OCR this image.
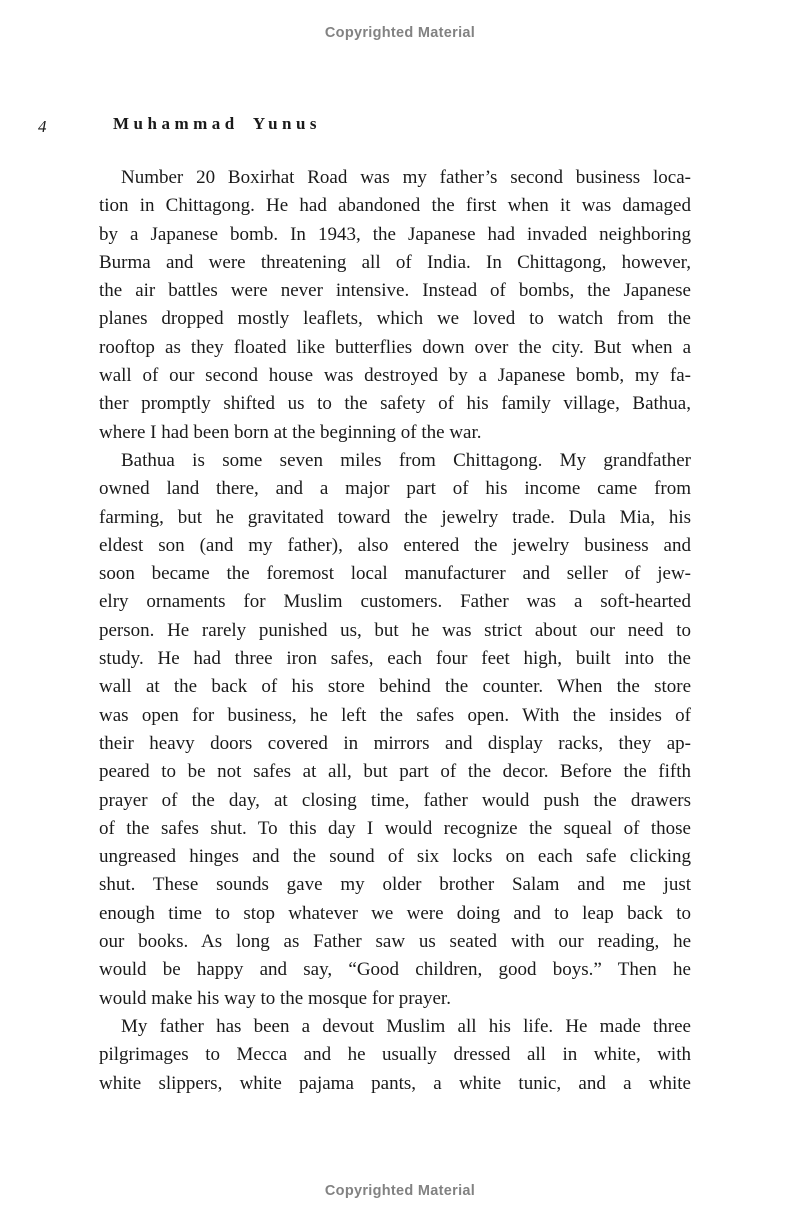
Copyrighted Material
4	Muhammad Yunus
Number 20 Boxirhat Road was my father’s second business loca-
tion in Chittagong. He had abandoned the first when it was damaged
by a Japanese bomb. In 1943, the Japanese had invaded neighboring
Burma and were threatening all of India. In Chittagong, however,
the air battles were never intensive. Instead of bombs, the Japanese
planes dropped mostly leaflets, which we loved to watch from the
rooftop as they floated like butterflies down over the city. But when a
wall of our second house was destroyed by a Japanese bomb, my fa-
ther promptly shifted us to the safety of his family village, Bathua,
where I had been born at the beginning of the war.
Bathua is some seven miles from Chittagong. My grandfather
owned land there, and a major part of his income came from
farming, but he gravitated toward the jewelry trade. Dula Mia, his
eldest son (and my father), also entered the jewelry business and
soon became the foremost local manufacturer and seller of jew-
elry ornaments for Muslim customers. Father was a soft-hearted
person. He rarely punished us, but he was strict about our need to
study. He had three iron safes, each four feet high, built into the
wall at the back of his store behind the counter. When the store
was open for business, he left the safes open. With the insides of
their heavy doors covered in mirrors and display racks, they ap-
peared to be not safes at all, but part of the decor. Before the fifth
prayer of the day, at closing time, father would push the drawers
of the safes shut. To this day I would recognize the squeal of those
ungreased hinges and the sound of six locks on each safe clicking
shut. These sounds gave my older brother Salam and me just
enough time to stop whatever we were doing and to leap back to
our books. As long as Father saw us seated with our reading, he
would be happy and say, “Good children, good boys.” Then he
would make his way to the mosque for prayer.
My father has been a devout Muslim all his life. He made three
pilgrimages to Mecca and he usually dressed all in white, with
white slippers, white pajama pants, a white tunic, and a white
Copyrighted Material
